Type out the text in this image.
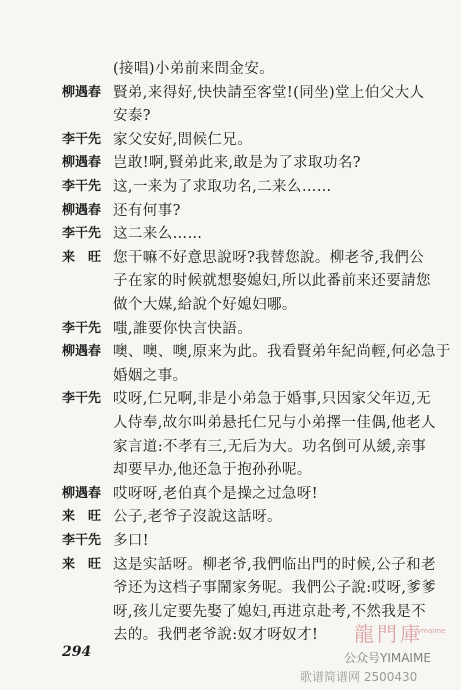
(接唱)小弟前来問金安。
柳遇春 賢弟,来得好,快快請至客堂!(同坐)堂上伯父大人
安泰?
李干先 家父安好,問候仁兄。
柳遇春 岂敢!啊,賢弟此来,敢是为了求取功名?
李干先 这,一来为了求取功名,二来么……
柳遇春 还有何事?
李干先 这二来么……
来　旺 您干嘛不好意思說呀?我替您說。柳老爷,我們公
子在家的时候就想娶媳妇,所以此番前来还要請您
做个大媒,給說个好媳妇哪。
李干先 嗤,誰要你快言快語。
柳遇春 噢、噢、噢,原来为此。我看賢弟年紀尚輕,何必急于
婚姻之事。
李干先 哎呀,仁兄啊,非是小弟急于婚事,只因家父年迈,无
人侍奉,故尔叫弟悬托仁兄与小弟擇一佳偶,他老人
家言道:不孝有三,无后为大。功名倒可从緩,亲事
却要早办,他还急于抱孙孙呢。
柳遇春 哎呀呀,老伯真个是操之过急呀!
来　旺 公子,老爷子沒說这話呀。
李干先 多口!
来　旺 这是实話呀。柳老爷,我們临出門的时候,公子和老
爷还为这档子事鬧家务呢。我們公子說:哎呀,爹爹
呀,孩儿定要先娶了媳妇,再进京赴考,不然我是不
去的。我們老爷說:奴才呀奴才!
294
龍門庫
ymaime
公众号YIMAIME
歌谱简谱网 2500430
